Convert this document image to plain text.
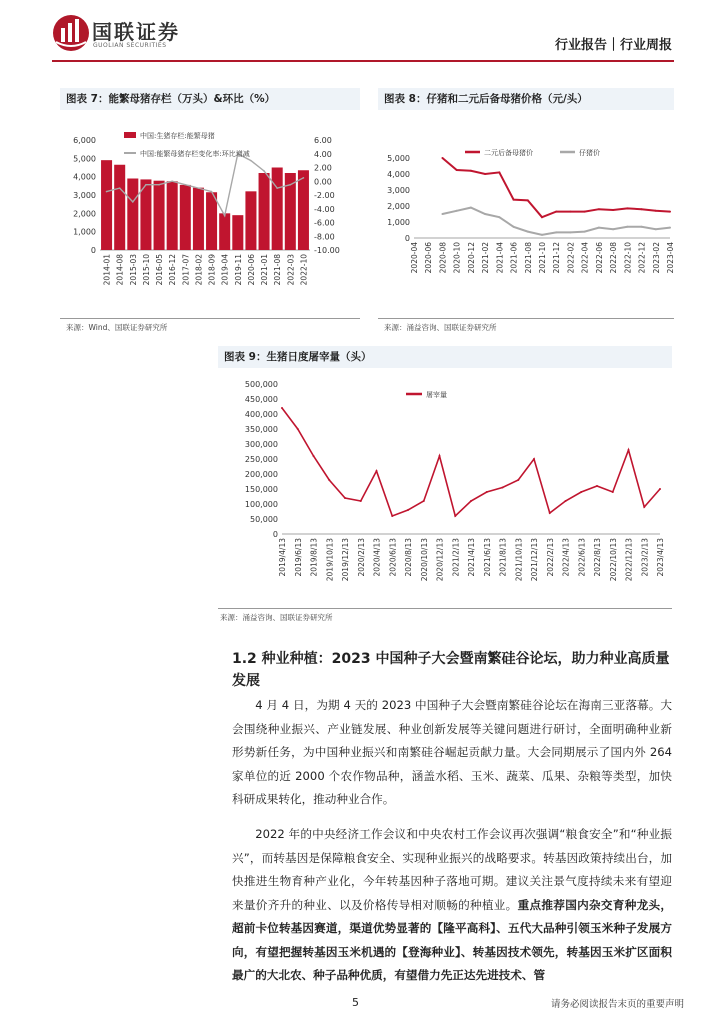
国联证券
GUOLIAN SECURITIES	行业报告｜行业周报
图表 7：能繁母猪存栏（万头）&环比（%）
6,000
5,000
4,000
3,000
2,000
1,000
0
6.00
4.00
2.00
0.00
-2.00
-4.00
-6.00
-8.00
-10.00
2014-01 2014-08 2015-03 2015-10 2016-05 2016-12 2017-07 2018-02 2018-09 2019-04 2019-11 2020-06 2021-01 2021-08 2022-03 2022-10
中国:生猪存栏:能繁母猪
中国:能繁母猪存栏变化率:环比增减
来源：Wind、国联证券研究所
图表 8：仔猪和二元后备母猪价格（元/头）
5,000
4,000
3,000
2,000
1,000
0
2020-04 2020-06 2020-08 2020-10 2020-12 2021-02 2021-04 2021-06 2021-08 2021-10 2021-12 2022-02 2022-04 2022-06 2022-08 2022-10 2022-12 2023-02 2023-04
二元后备母猪价	仔猪价
来源：涌益咨询、国联证券研究所
图表 9：生猪日度屠宰量（头）
500,000
450,000
400,000
350,000
300,000
250,000
200,000
150,000
100,000
50,000
0
2019/4/13 2019/6/13 2019/8/13 2019/10/13 2019/12/13 2020/2/13 2020/4/13 2020/6/13 2020/8/13 2020/10/13 2020/12/13 2021/2/13 2021/4/13 2021/6/13 2021/8/13 2021/10/13 2021/12/13 2022/2/13 2022/4/13 2022/6/13 2022/8/13 2022/10/13 2022/12/13 2023/2/13 2023/4/13
屠宰量
来源：涌益咨询、国联证券研究所
1.2 种业种植：2023 中国种子大会暨南繁硅谷论坛，助力种业高质量发展
4 月 4 日，为期 4 天的 2023 中国种子大会暨南繁硅谷论坛在海南三亚落幕。大会围绕种业振兴、产业链发展、种业创新发展等关键问题进行研讨，全面明确种业新形势新任务，为中国种业振兴和南繁硅谷崛起贡献力量。大会同期展示了国内外 264 家单位的近 2000 个农作物品种，涵盖水稻、玉米、蔬菜、瓜果、杂粮等类型，加快科研成果转化，推动种业合作。
2022 年的中央经济工作会议和中央农村工作会议再次强调“粮食安全”和“种业振兴”，而转基因是保障粮食安全、实现种业振兴的战略要求。转基因政策持续出台，加快推进生物育种产业化，今年转基因种子落地可期。建议关注景气度持续未来有望迎来量价齐升的种业、以及价格传导相对顺畅的种植业。重点推荐国内杂交育种龙头，超前卡位转基因赛道，渠道优势显著的【隆平高科】、五代大品种引领玉米种子发展方向，有望把握转基因玉米机遇的【登海种业】、转基因技术领先，转基因玉米扩区面积最广的大北农、种子品种优质，有望借力先正达先进技术、管
5	请务必阅读报告末页的重要声明
